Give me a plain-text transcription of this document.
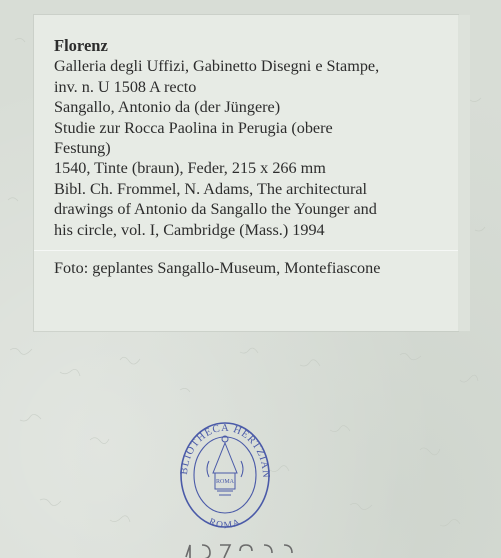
Florenz
Galleria degli Uffizi, Gabinetto Disegni e Stampe,
inv. n. U 1508 A recto
Sangallo, Antonio da (der Jüngere)
Studie zur Rocca Paolina in Perugia (obere
Festung)
1540, Tinte (braun), Feder, 215 x 266 mm
Bibl. Ch. Frommel, N. Adams, The architectural
drawings of Antonio da Sangallo the Younger and
his circle, vol. I, Cambridge (Mass.) 1994
Foto: geplantes Sangallo-Museum, Montefiascone
BLIOTHECA HERTZIAN
ROMA
ROMA
